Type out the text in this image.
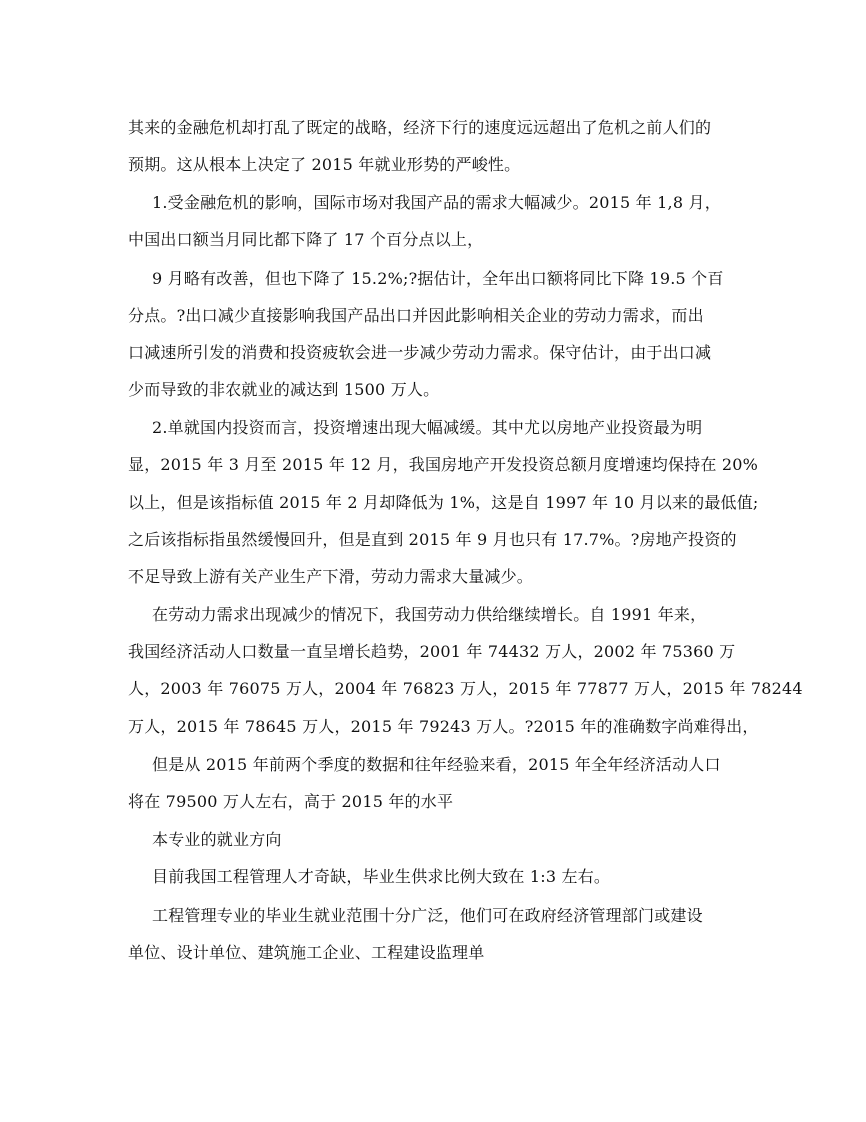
其来的金融危机却打乱了既定的战略，经济下行的速度远远超出了危机之前人们的
预期。这从根本上决定了 2015 年就业形势的严峻性。
1.受金融危机的影响，国际市场对我国产品的需求大幅减少。2015 年 1,8 月，
中国出口额当月同比都下降了 17 个百分点以上，
9 月略有改善，但也下降了 15.2%;?据估计，全年出口额将同比下降 19.5 个百
分点。?出口减少直接影响我国产品出口并因此影响相关企业的劳动力需求，而出
口减速所引发的消费和投资疲软会进一步减少劳动力需求。保守估计，由于出口减
少而导致的非农就业的减达到 1500 万人。
2.单就国内投资而言，投资增速出现大幅减缓。其中尤以房地产业投资最为明
显，2015 年 3 月至 2015 年 12 月，我国房地产开发投资总额月度增速均保持在 20%
以上，但是该指标值 2015 年 2 月却降低为 1%，这是自 1997 年 10 月以来的最低值;
之后该指标指虽然缓慢回升，但是直到 2015 年 9 月也只有 17.7%。?房地产投资的
不足导致上游有关产业生产下滑，劳动力需求大量减少。
在劳动力需求出现减少的情况下，我国劳动力供给继续增长。自 1991 年来，
我国经济活动人口数量一直呈增长趋势，2001 年 74432 万人，2002 年 75360 万
人，2003 年 76075 万人，2004 年 76823 万人，2015 年 77877 万人，2015 年 78244
万人，2015 年 78645 万人，2015 年 79243 万人。?2015 年的准确数字尚难得出，
但是从 2015 年前两个季度的数据和往年经验来看，2015 年全年经济活动人口
将在 79500 万人左右，高于 2015 年的水平
本专业的就业方向
目前我国工程管理人才奇缺，毕业生供求比例大致在 1:3 左右。
工程管理专业的毕业生就业范围十分广泛，他们可在政府经济管理部门或建设
单位、设计单位、建筑施工企业、工程建设监理单
